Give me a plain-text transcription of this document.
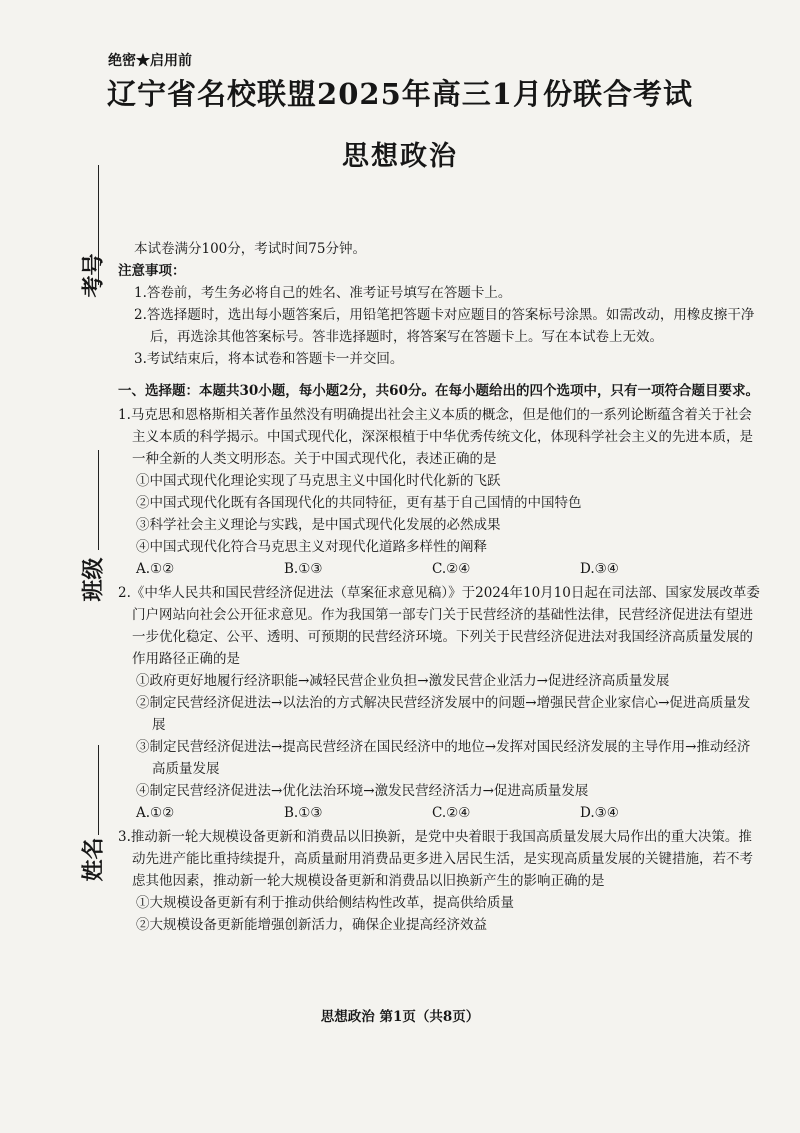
绝密★启用前
辽宁省名校联盟2025年高三1月份联合考试
思想政治
考号
班级
姓名

本试卷满分100分，考试时间75分钟。

注意事项：

1.答卷前，考生务必将自己的姓名、准考证号填写在答题卡上。

2.答选择题时，选出每小题答案后，用铅笔把答题卡对应题目的答案标号涂黑。如需改动，用橡皮擦干净后，再选涂其他答案标号。答非选择题时，将答案写在答题卡上。写在本试卷上无效。

3.考试结束后，将本试卷和答题卡一并交回。

一、选择题：本题共30小题，每小题2分，共60分。在每小题给出的四个选项中，只有一项符合题目要求。

1.马克思和恩格斯相关著作虽然没有明确提出社会主义本质的概念，但是他们的一系列论断蕴含着关于社会主义本质的科学揭示。中国式现代化，深深根植于中华优秀传统文化，体现科学社会主义的先进本质，是一种全新的人类文明形态。关于中国式现代化，表述正确的是

①中国式现代化理论实现了马克思主义中国化时代化新的飞跃

②中国式现代化既有各国现代化的共同特征，更有基于自己国情的中国特色

③科学社会主义理论与实践，是中国式现代化发展的必然成果

④中国式现代化符合马克思主义对现代化道路多样性的阐释

A.①②	B.①③	C.②④	D.③④

2.《中华人民共和国民营经济促进法（草案征求意见稿）》于2024年10月10日起在司法部、国家发展改革委门户网站向社会公开征求意见。作为我国第一部专门关于民营经济的基础性法律，民营经济促进法有望进一步优化稳定、公平、透明、可预期的民营经济环境。下列关于民营经济促进法对我国经济高质量发展的作用路径正确的是

①政府更好地履行经济职能→减轻民营企业负担→激发民营企业活力→促进经济高质量发展

②制定民营经济促进法→以法治的方式解决民营经济发展中的问题→增强民营企业家信心→促进高质量发展

③制定民营经济促进法→提高民营经济在国民经济中的地位→发挥对国民经济发展的主导作用→推动经济高质量发展

④制定民营经济促进法→优化法治环境→激发民营经济活力→促进高质量发展

A.①②	B.①③	C.②④	D.③④

3.推动新一轮大规模设备更新和消费品以旧换新，是党中央着眼于我国高质量发展大局作出的重大决策。推动先进产能比重持续提升，高质量耐用消费品更多进入居民生活，是实现高质量发展的关键措施，若不考虑其他因素，推动新一轮大规模设备更新和消费品以旧换新产生的影响正确的是

①大规模设备更新有利于推动供给侧结构性改革，提高供给质量

②大规模设备更新能增强创新活力，确保企业提高经济效益

思想政治 第1页（共8页）
